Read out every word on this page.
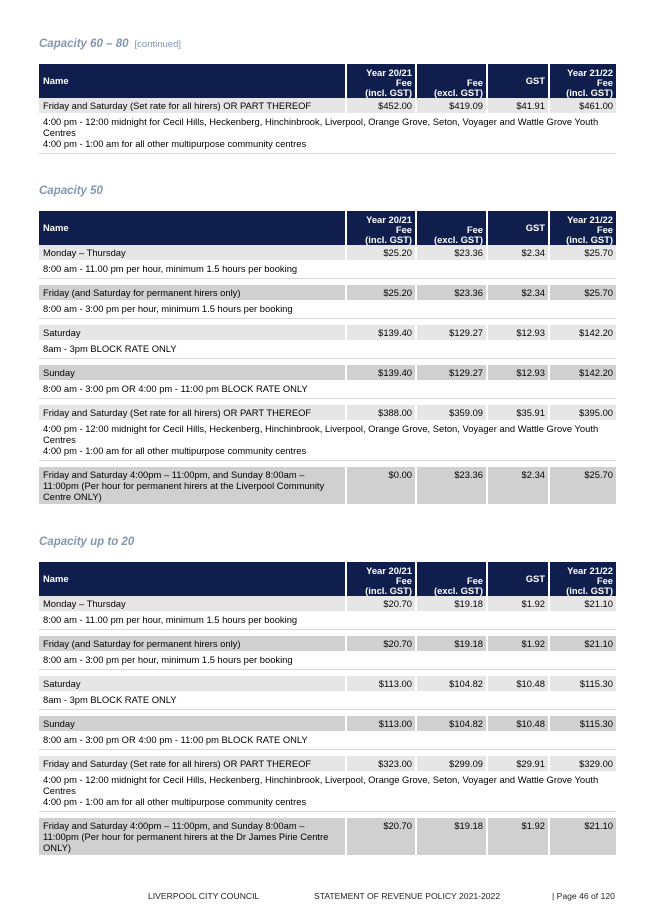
Capacity 60 – 80 [continued]
Name	Year 20/21
Fee
(incl. GST)	Fee
(excl. GST)	GST	Year 21/22
Fee
(incl. GST)

Friday and Saturday (Set rate for all hirers) OR PART THEREOF	$452.00	$419.09	$41.91	$461.00

4:00 pm - 12:00 midnight for Cecil Hills, Heckenberg, Hinchinbrook, Liverpool, Orange Grove, Seton, Voyager and Wattle Grove Youth Centres
4:00 pm - 1:00 am for all other multipurpose community centres				
Capacity 50
Name	Year 20/21
Fee
(incl. GST)	Fee
(excl. GST)	GST	Year 21/22
Fee
(incl. GST)

Monday – Thursday	$25.20	$23.36	$2.34	$25.70

8:00 am - 11.00 pm per hour, minimum 1.5 hours per booking				

Friday (and Saturday for permanent hirers only)	$25.20	$23.36	$2.34	$25.70

8:00 am - 3:00 pm per hour, minimum 1.5 hours per booking				

Saturday	$139.40	$129.27	$12.93	$142.20

8am - 3pm BLOCK RATE ONLY				

Sunday	$139.40	$129.27	$12.93	$142.20

8:00 am - 3:00 pm OR 4:00 pm - 11:00 pm BLOCK RATE ONLY				

Friday and Saturday (Set rate for all hirers) OR PART THEREOF	$388.00	$359.09	$35.91	$395.00

4:00 pm - 12:00 midnight for Cecil Hills, Heckenberg, Hinchinbrook, Liverpool, Orange Grove, Seton, Voyager and Wattle Grove Youth Centres
4:00 pm - 1:00 am for all other multipurpose community centres				

Friday and Saturday 4:00pm – 11:00pm, and Sunday 8:00am – 11:00pm (Per hour for permanent hirers at the Liverpool Community Centre ONLY)	$0.00	$23.36	$2.34	$25.70
Capacity up to 20
Name	Year 20/21
Fee
(incl. GST)	Fee
(excl. GST)	GST	Year 21/22
Fee
(incl. GST)

Monday – Thursday	$20.70	$19.18	$1.92	$21.10

8:00 am - 11.00 pm per hour, minimum 1.5 hours per booking				

Friday (and Saturday for permanent hirers only)	$20.70	$19.18	$1.92	$21.10

8:00 am - 3:00 pm per hour, minimum 1.5 hours per booking				

Saturday	$113.00	$104.82	$10.48	$115.30

8am - 3pm BLOCK RATE ONLY				

Sunday	$113.00	$104.82	$10.48	$115.30

8:00 am - 3:00 pm OR 4:00 pm - 11:00 pm BLOCK RATE ONLY				

Friday and Saturday (Set rate for all hirers) OR PART THEREOF	$323.00	$299.09	$29.91	$329.00

4:00 pm - 12:00 midnight for Cecil Hills, Heckenberg, Hinchinbrook, Liverpool, Orange Grove, Seton, Voyager and Wattle Grove Youth Centres
4:00 pm - 1:00 am for all other multipurpose community centres				

Friday and Saturday 4:00pm – 11:00pm, and Sunday 8:00am – 11:00pm (Per hour for permanent hirers at the Dr James Pirie Centre ONLY)	$20.70	$19.18	$1.92	$21.10
LIVERPOOL CITY COUNCIL	STATEMENT OF REVENUE POLICY 2021-2022	| Page 46 of 120
